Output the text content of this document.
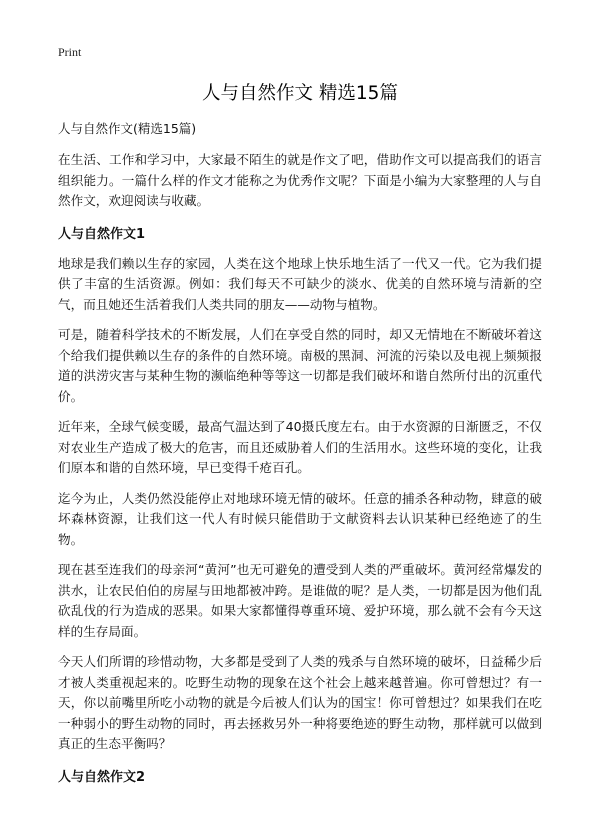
Print
人与自然作文 精选15篇
人与自然作文(精选15篇)

在生活、工作和学习中，大家最不陌生的就是作文了吧，借助作文可以提高我们的语言组织能力。一篇什么样的作文才能称之为优秀作文呢？下面是小编为大家整理的人与自然作文，欢迎阅读与收藏。

人与自然作文1

地球是我们赖以生存的家园，人类在这个地球上快乐地生活了一代又一代。它为我们提供了丰富的生活资源。例如：我们每天不可缺少的淡水、优美的自然环境与清新的空气，而且她还生活着我们人类共同的朋友——动物与植物。

可是，随着科学技术的不断发展，人们在享受自然的同时，却又无情地在不断破坏着这个给我们提供赖以生存的条件的自然环境。南极的黑洞、河流的污染以及电视上频频报道的洪涝灾害与某种生物的濒临绝种等等这一切都是我们破坏和谐自然所付出的沉重代价。

近年来，全球气候变暖，最高气温达到了40摄氏度左右。由于水资源的日渐匮乏，不仅对农业生产造成了极大的危害，而且还威胁着人们的生活用水。这些环境的变化，让我们原本和谐的自然环境，早已变得千疮百孔。

迄今为止，人类仍然没能停止对地球环境无情的破坏。任意的捕杀各种动物，肆意的破坏森林资源，让我们这一代人有时候只能借助于文献资料去认识某种已经绝迹了的生物。

现在甚至连我们的母亲河“黄河”也无可避免的遭受到人类的严重破坏。黄河经常爆发的洪水，让农民伯伯的房屋与田地都被冲跨。是谁做的呢？是人类，一切都是因为他们乱砍乱伐的行为造成的恶果。如果大家都懂得尊重环境、爱护环境，那么就不会有今天这样的生存局面。

今天人们所谓的珍惜动物，大多都是受到了人类的残杀与自然环境的破坏，日益稀少后才被人类重视起来的。吃野生动物的现象在这个社会上越来越普遍。你可曾想过？有一天，你以前嘴里所吃小动物的就是今后被人们认为的国宝！你可曾想过？如果我们在吃一种弱小的野生动物的同时，再去拯救另外一种将要绝迹的野生动物，那样就可以做到真正的生态平衡吗？

人与自然作文2
